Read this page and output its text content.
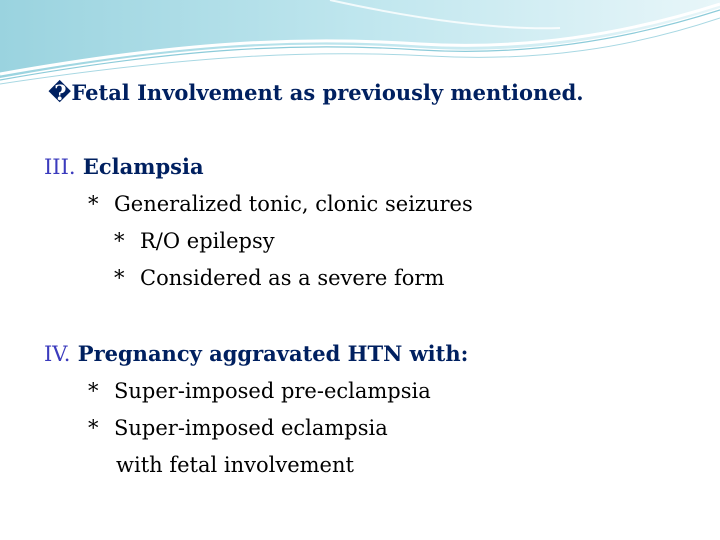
�Fetal Involvement as previously mentioned.
III. Eclampsia
* Generalized tonic, clonic seizures
* R/O epilepsy
* Considered as a severe form
IV. Pregnancy aggravated HTN with:
* Super-imposed pre-eclampsia
* Super-imposed eclampsia
with fetal involvement
